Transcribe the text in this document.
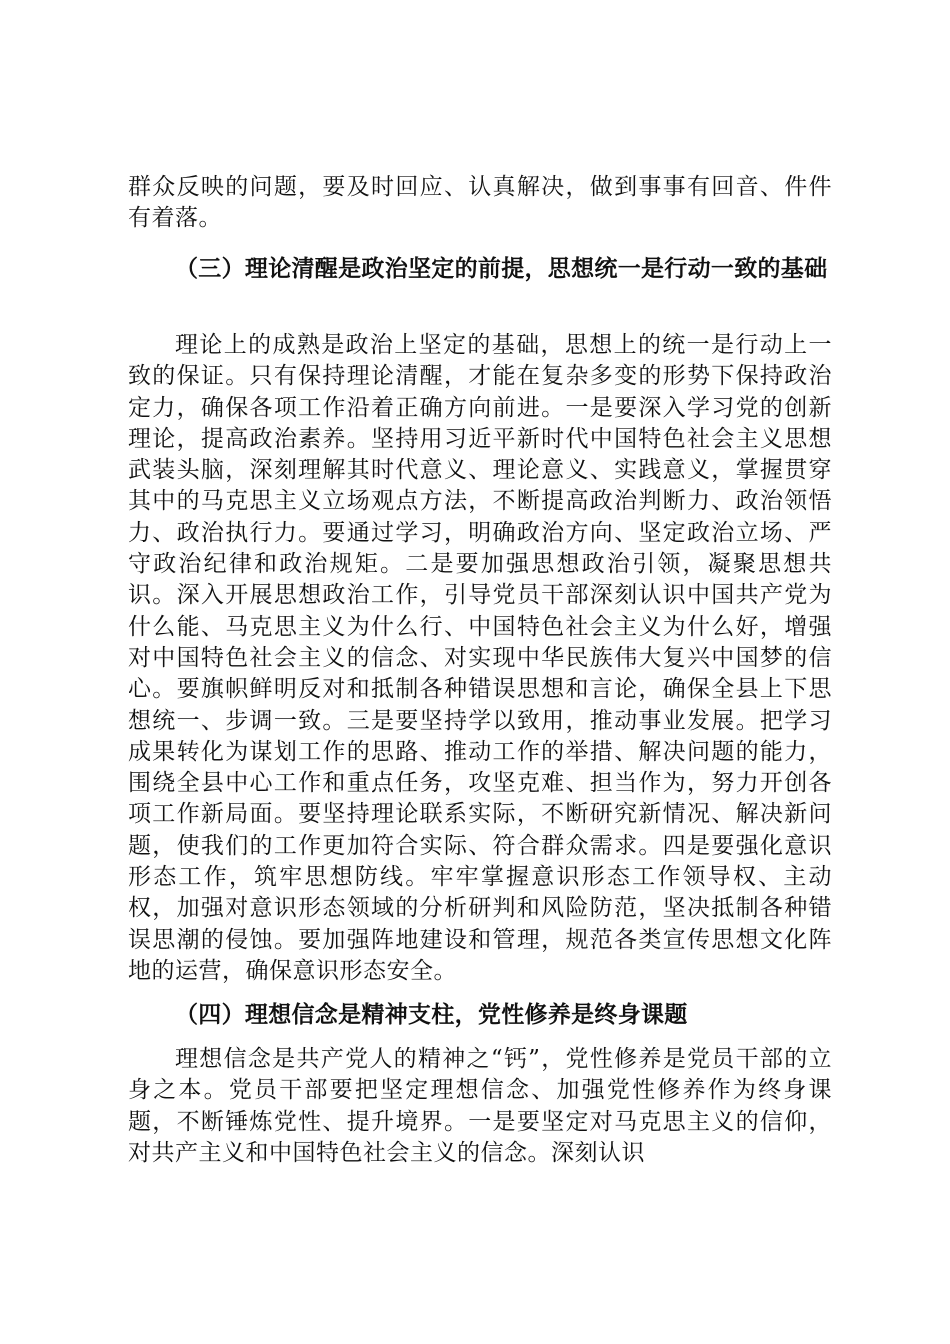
群众反映的问题，要及时回应、认真解决，做到事事有回音、件件有着落。

（三）理论清醒是政治坚定的前提，思想统一是行动一致的基础

理论上的成熟是政治上坚定的基础，思想上的统一是行动上一致的保证。只有保持理论清醒，才能在复杂多变的形势下保持政治定力，确保各项工作沿着正确方向前进。一是要深入学习党的创新理论，提高政治素养。坚持用习近平新时代中国特色社会主义思想武装头脑，深刻理解其时代意义、理论意义、实践意义，掌握贯穿其中的马克思主义立场观点方法，不断提高政治判断力、政治领悟力、政治执行力。要通过学习，明确政治方向、坚定政治立场、严守政治纪律和政治规矩。二是要加强思想政治引领，凝聚思想共识。深入开展思想政治工作，引导党员干部深刻认识中国共产党为什么能、马克思主义为什么行、中国特色社会主义为什么好，增强对中国特色社会主义的信念、对实现中华民族伟大复兴中国梦的信心。要旗帜鲜明反对和抵制各种错误思想和言论，确保全县上下思想统一、步调一致。三是要坚持学以致用，推动事业发展。把学习成果转化为谋划工作的思路、推动工作的举措、解决问题的能力，围绕全县中心工作和重点任务，攻坚克难、担当作为，努力开创各项工作新局面。要坚持理论联系实际，不断研究新情况、解决新问题，使我们的工作更加符合实际、符合群众需求。四是要强化意识形态工作，筑牢思想防线。牢牢掌握意识形态工作领导权、主动权，加强对意识形态领域的分析研判和风险防范，坚决抵制各种错误思潮的侵蚀。要加强阵地建设和管理，规范各类宣传思想文化阵地的运营，确保意识形态安全。

（四）理想信念是精神支柱，党性修养是终身课题

理想信念是共产党人的精神之“钙”，党性修养是党员干部的立身之本。党员干部要把坚定理想信念、加强党性修养作为终身课题，不断锤炼党性、提升境界。一是要坚定对马克思主义的信仰，对共产主义和中国特色社会主义的信念。深刻认识
